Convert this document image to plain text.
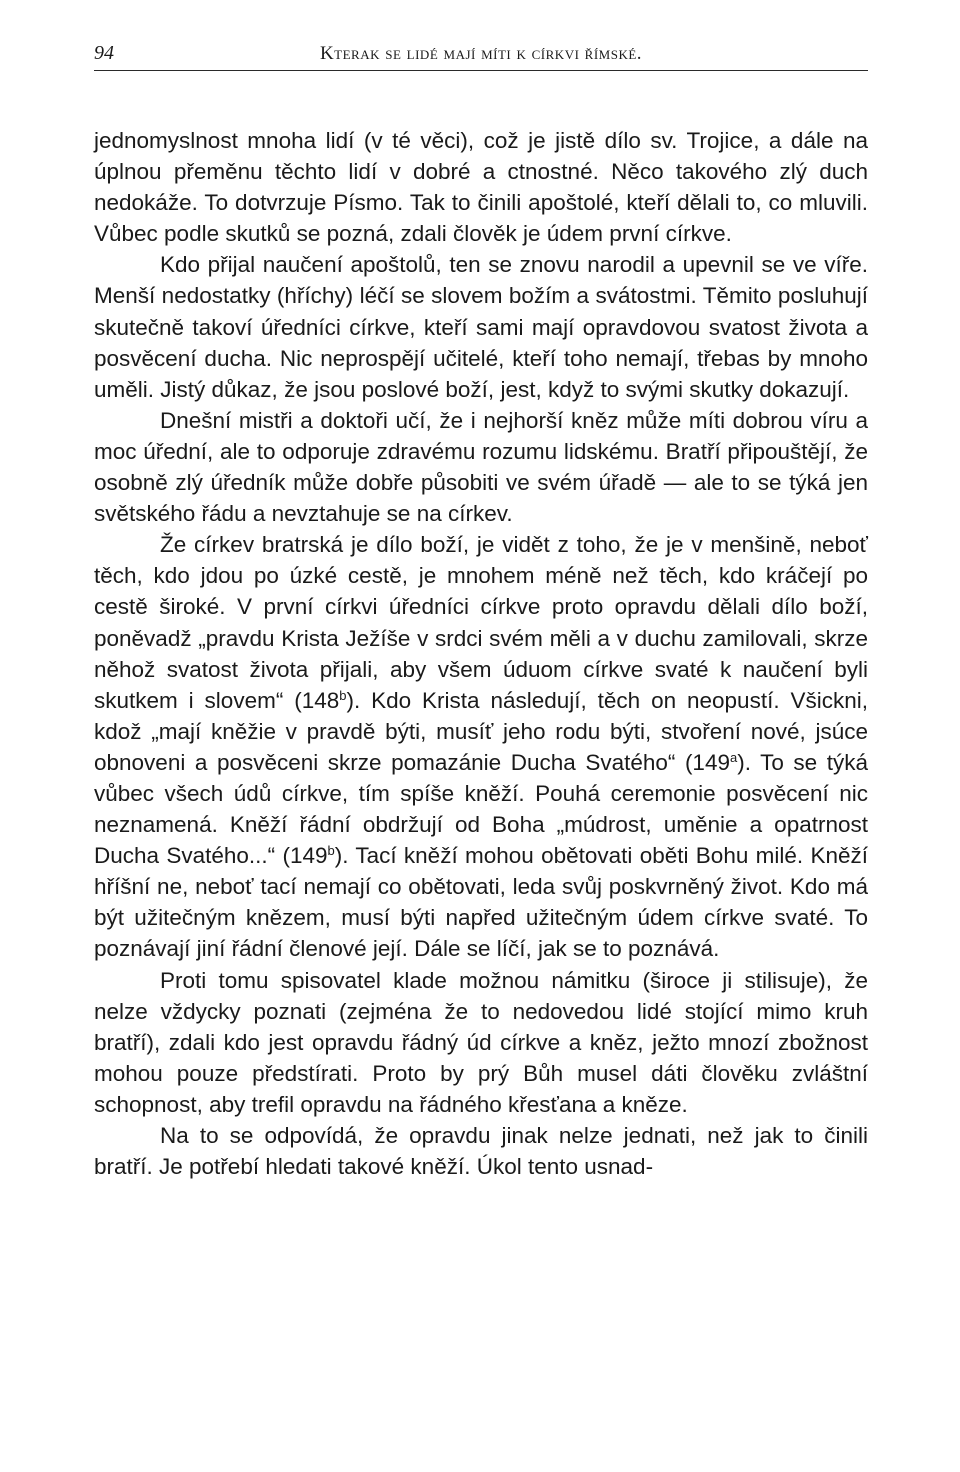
94	Kterak se lidé mají míti k církvi římské.

jednomyslnost mnoha lidí (v té věci), což je jistě dílo sv. Trojice, a dále na úplnou přeměnu těchto lidí v dobré a ctnostné. Něco takového zlý duch nedokáže. To dotvrzuje Písmo. Tak to činili apoštolé, kteří dělali to, co mluvili. Vůbec podle skutků se pozná, zdali člověk je údem první církve.

Kdo přijal naučení apoštolů, ten se znovu narodil a upevnil se ve víře. Menší nedostatky (hříchy) léčí se slovem božím a svátostmi. Těmito posluhují skutečně takoví úředníci církve, kteří sami mají opravdovou svatost života a posvěcení ducha. Nic neprospějí učitelé, kteří toho nemají, třebas by mnoho uměli. Jistý důkaz, že jsou poslové boží, jest, když to svými skutky dokazují.

Dnešní mistři a doktoři učí, že i nejhorší kněz může míti dobrou víru a moc úřední, ale to odporuje zdravému rozumu lidskému. Bratří připouštějí, že osobně zlý úředník může dobře působiti ve svém úřadě — ale to se týká jen světského řádu a nevztahuje se na církev.

Že církev bratrská je dílo boží, je vidět z toho, že je v menšině, neboť těch, kdo jdou po úzké cestě, je mnohem méně než těch, kdo kráčejí po cestě široké. V první církvi úředníci církve proto opravdu dělali dílo boží, poněvadž „pravdu Krista Ježíše v srdci svém měli a v duchu zamilovali, skrze něhož svatost života přijali, aby všem úduom církve svaté k naučení byli skutkem i slovem“ (148$^b$). Kdo Krista následují, těch on neopustí. Všickni, kdož „mají kněžie v pravdě býti, musíť jeho rodu býti, stvoření nové, jsúce obnoveni a posvěceni skrze pomazánie Ducha Svatého“ (149$^a$). To se týká vůbec všech údů církve, tím spíše kněží. Pouhá ceremonie posvěcení nic neznamená. Kněží řádní obdržují od Boha „múdrost, uměnie a opatrnost Ducha Svatého...“ (149$^b$). Tací kněží mohou obětovati oběti Bohu milé. Kněží hříšní ne, neboť tací nemají co obětovati, leda svůj poskvrněný život. Kdo má být užitečným knězem, musí býti napřed užitečným údem církve svaté. To poznávají jiní řádní členové její. Dále se líčí, jak se to poznává.

Proti tomu spisovatel klade možnou námitku (široce ji stilisuje), že nelze vždycky poznati (zejména že to nedovedou lidé stojící mimo kruh bratří), zdali kdo jest opravdu řádný úd církve a kněz, ježto mnozí zbožnost mohou pouze předstírati. Proto by prý Bůh musel dáti člověku zvláštní schopnost, aby trefil opravdu na řádného křesťana a kněze.

Na to se odpovídá, že opravdu jinak nelze jednati, než jak to činili bratří. Je potřebí hledati takové kněží. Úkol tento usnad-
